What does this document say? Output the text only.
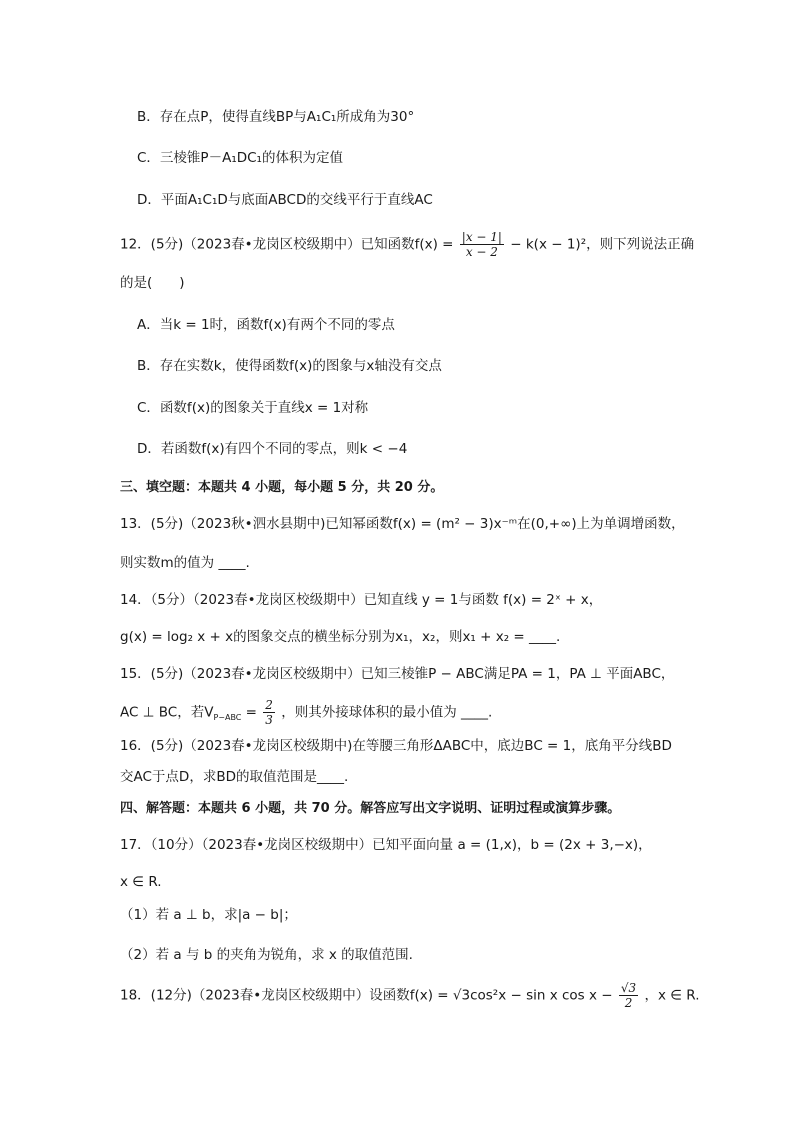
B．存在点P，使得直线BP与A₁C₁所成角为30°
C．三棱锥P－A₁DC₁的体积为定值
D．平面A₁C₁D与底面ABCD的交线平行于直线AC
12．(5分)（2023春•龙岗区校级期中）已知函数$f(x) = \frac{|x - 1|}{x - 2} - k(x - 1)^2$，则下列说法正确
的是(　　)
A．当k = 1时，函数f(x)有两个不同的零点
B．存在实数k，使得函数f(x)的图象与x轴没有交点
C．函数f(x)的图象关于直线x = 1对称
D．若函数f(x)有四个不同的零点，则k < −4
三、填空题：本题共 4 小题，每小题 5 分，共 20 分。
13．(5分)（2023秋•泗水县期中)已知幂函数f(x) = (m² − 3)x⁻ᵐ在(0,+∞)上为单调增函数，
则实数m的值为 ____.
14．（5分）（2023春•龙岗区校级期中）已知直线 y = 1与函数 f(x) = 2ˣ + x，
g(x) = log₂ x + x的图象交点的横坐标分别为x₁，x₂，则x₁ + x₂ = ____.
15．(5分)（2023春•龙岗区校级期中）已知三棱锥P − ABC满足PA = 1，PA ⊥ 平面ABC，
AC ⊥ BC，若$V_{P-ABC} = \frac{2}{3}$ ，则其外接球体积的最小值为 ____.
16．(5分)（2023春•龙岗区校级期中)在等腰三角形ΔABC中，底边BC = 1，底角平分线BD
交AC于点D，求BD的取值范围是____.
四、解答题：本题共 6 小题，共 70 分。解答应写出文字说明、证明过程或演算步骤。
17．（10分）（2023春•龙岗区校级期中）已知平面向量 a = (1,x)，b = (2x + 3,−x)，
x ∈ R.
（1）若 a ⊥ b，求|a − b|；
（2）若 a 与 b 的夹角为锐角，求 x 的取值范围.
18．(12分)（2023春•龙岗区校级期中）设函数f(x) = √3cos²x − sin x $\cos x - \frac{√3}{2}$ ，x ∈ R.
